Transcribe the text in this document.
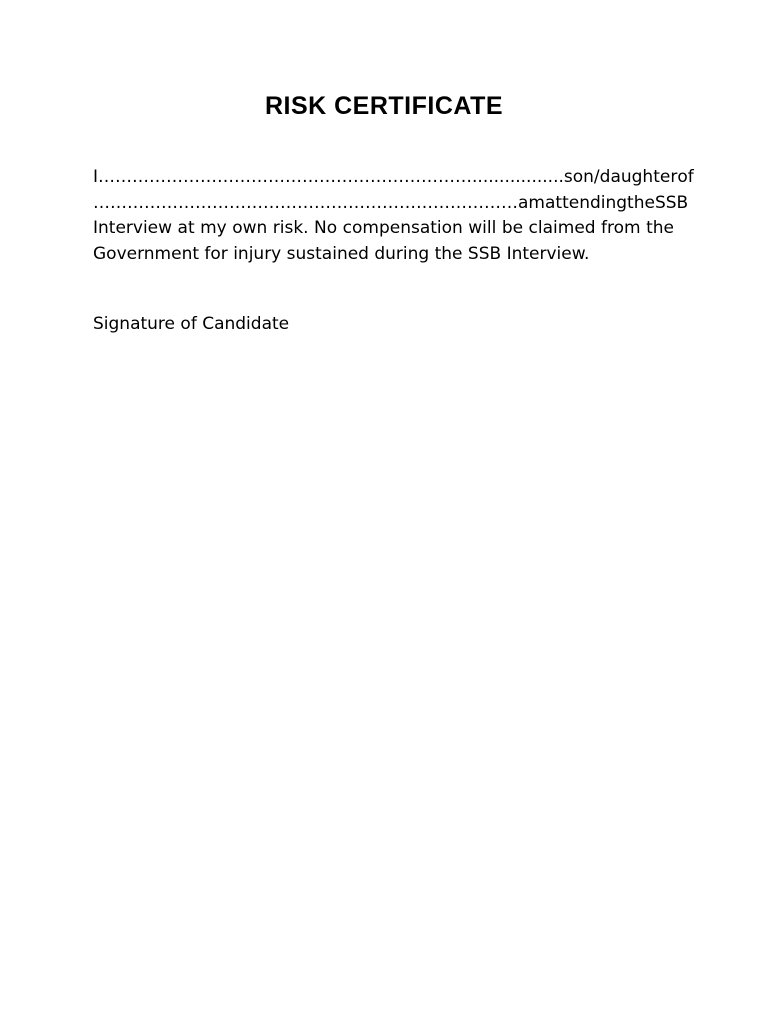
RISK CERTIFICATE
I …………………………………………………………................. son/daughter of
………………………………………………………………… am attending the SSB
Interview at my own risk. No compensation will be claimed from the
Government for injury sustained during the SSB Interview.

Signature of Candidate
